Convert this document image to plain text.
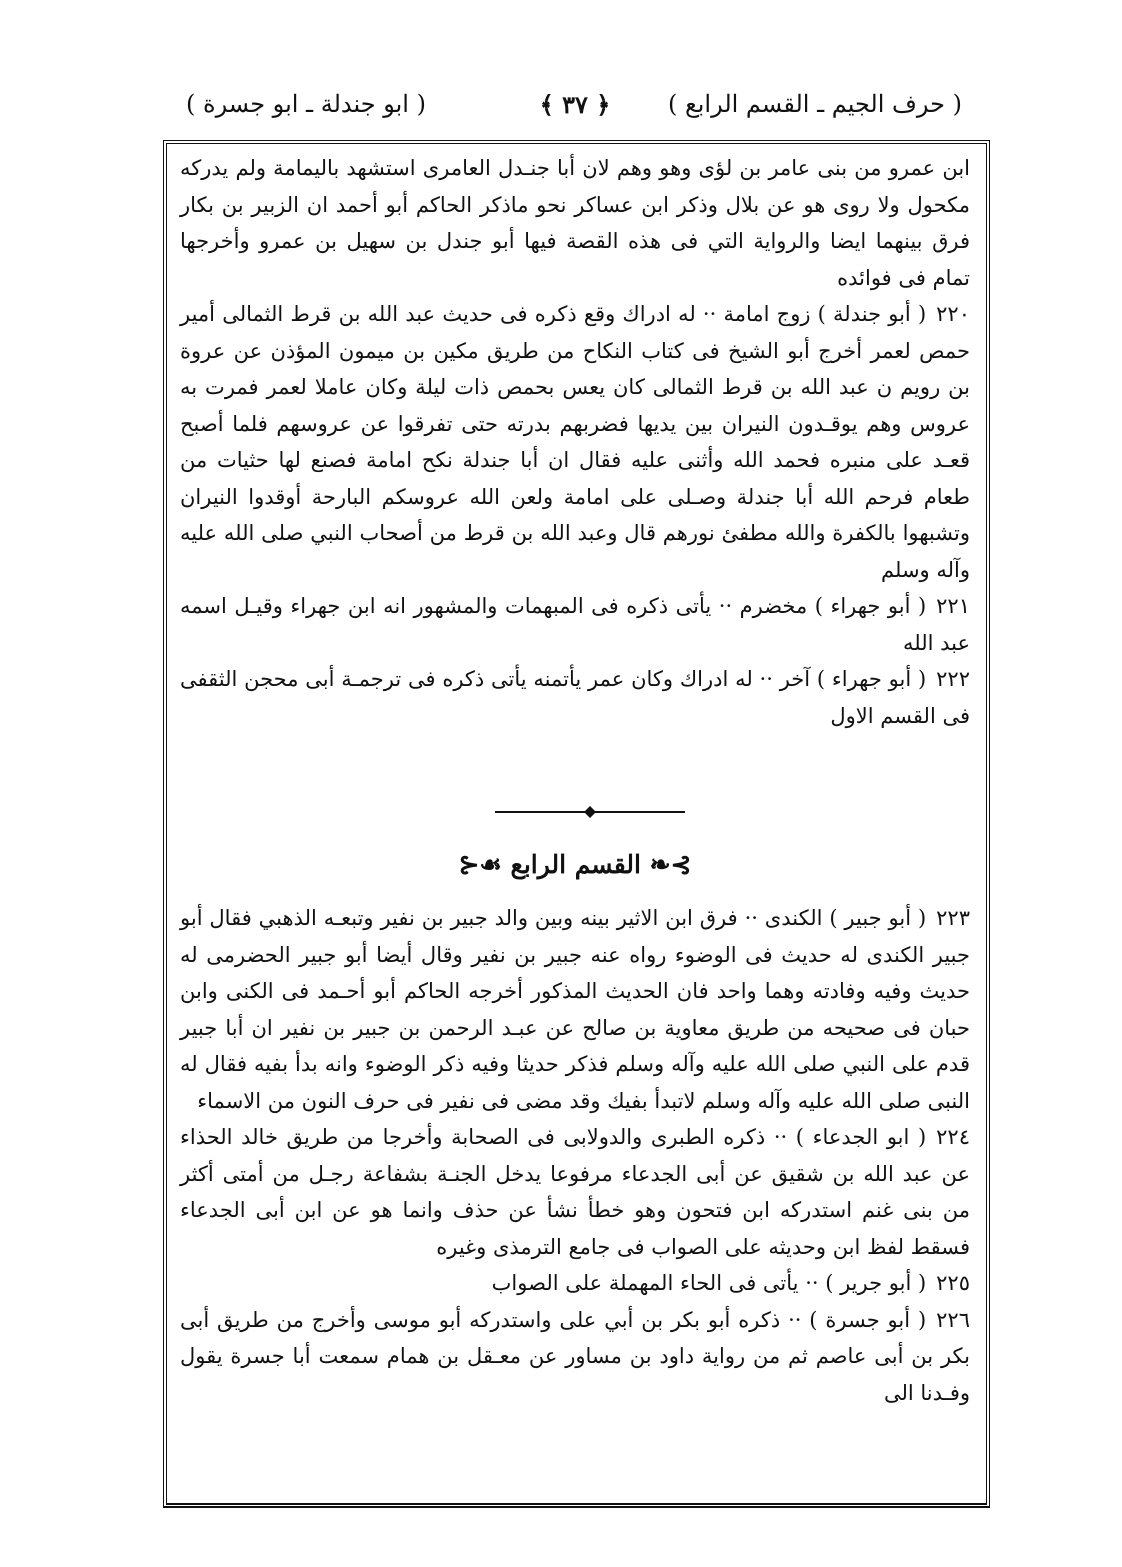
( حرف الجيم ـ القسم الرابع )
﴿ ٣٧ ﴾
( ابو جندلة ـ ابو جسرة )

ابن عمرو من بنى عامر بن لؤى وهو وهم لان أبا جنـدل العامرى استشهد باليمامة ولم يدركه مكحول ولا روى هو عن بلال وذكر ابن عساكر نحو ماذكر الحاكم أبو أحمد ان الزبير بن بكار فرق بينهما ايضا والرواية التي فى هذه القصة فيها أبو جندل بن سهيل بن عمرو وأخرجها تمام فى فوائده

٢٢٠( أبو جندلة ) زوج امامة ·· له ادراك وقع ذكره فى حديث عبد الله بن قرط الثمالى أمير حمص لعمر أخرج أبو الشيخ فى كتاب النكاح من طريق مكين بن ميمون المؤذن عن عروة بن رويم ن عبد الله بن قرط الثمالى كان يعس بحمص ذات ليلة وكان عاملا لعمر فمرت به عروس وهم يوقـدون النيران بين يديها فضربهم بدرته حتى تفرقوا عن عروسهم فلما أصبح قعـد على منبره فحمد الله وأثنى عليه فقال ان أبا جندلة نكح امامة فصنع لها حثيات من طعام فرحم الله أبا جندلة وصـلى على امامة ولعن الله عروسكم البارحة أوقدوا النيران وتشبهوا بالكفرة والله مطفئ نورهم قال وعبد الله بن قرط من أصحاب النبي صلى الله عليه وآله وسلم

٢٢١( أبو جهراء ) مخضرم ·· يأتى ذكره فى المبهمات والمشهور انه ابن جهراء وقيـل اسمه عبد الله

٢٢٢( أبو جهراء ) آخر ·· له ادراك وكان عمر يأتمنه يأتى ذكره فى ترجمـة أبى محجن الثقفى فى القسم الاول

⊱❧ القسم الرابع ☙⊰

٢٢٣( أبو جبير ) الكندى ·· فرق ابن الاثير بينه وبين والد جبير بن نفير وتبعـه الذهبي فقال أبو جبير الكندى له حديث فى الوضوء رواه عنه جبير بن نفير وقال أيضا أبو جبير الحضرمى له حديث وفيه وفادته وهما واحد فان الحديث المذكور أخرجه الحاكم أبو أحـمد فى الكنى وابن حبان فى صحيحه من طريق معاوية بن صالح عن عبـد الرحمن بن جبير بن نفير ان أبا جبير قدم على النبي صلى الله عليه وآله وسلم فذكر حديثا وفيه ذكر الوضوء وانه بدأ بفيه فقال له النبى صلى الله عليه وآله وسلم لاتبدأ بفيك وقد مضى فى نفير فى حرف النون من الاسماء

٢٢٤( ابو الجدعاء ) ·· ذكره الطبرى والدولابى فى الصحابة وأخرجا من طريق خالد الحذاء عن عبد الله بن شقيق عن أبى الجدعاء مرفوعا يدخل الجنـة بشفاعة رجـل من أمتى أكثر من بنى غنم استدركه ابن فتحون وهو خطأ نشأ عن حذف وانما هو عن ابن أبى الجدعاء فسقط لفظ ابن وحديثه على الصواب فى جامع الترمذى وغيره

٢٢٥( أبو جرير ) ·· يأتى فى الحاء المهملة على الصواب

٢٢٦( أبو جسرة ) ·· ذكره أبو بكر بن أبي على واستدركه أبو موسى وأخرج من طريق أبى بكر بن أبى عاصم ثم من رواية داود بن مساور عن معـقل بن همام سمعت أبا جسرة يقول وفـدنا الى
